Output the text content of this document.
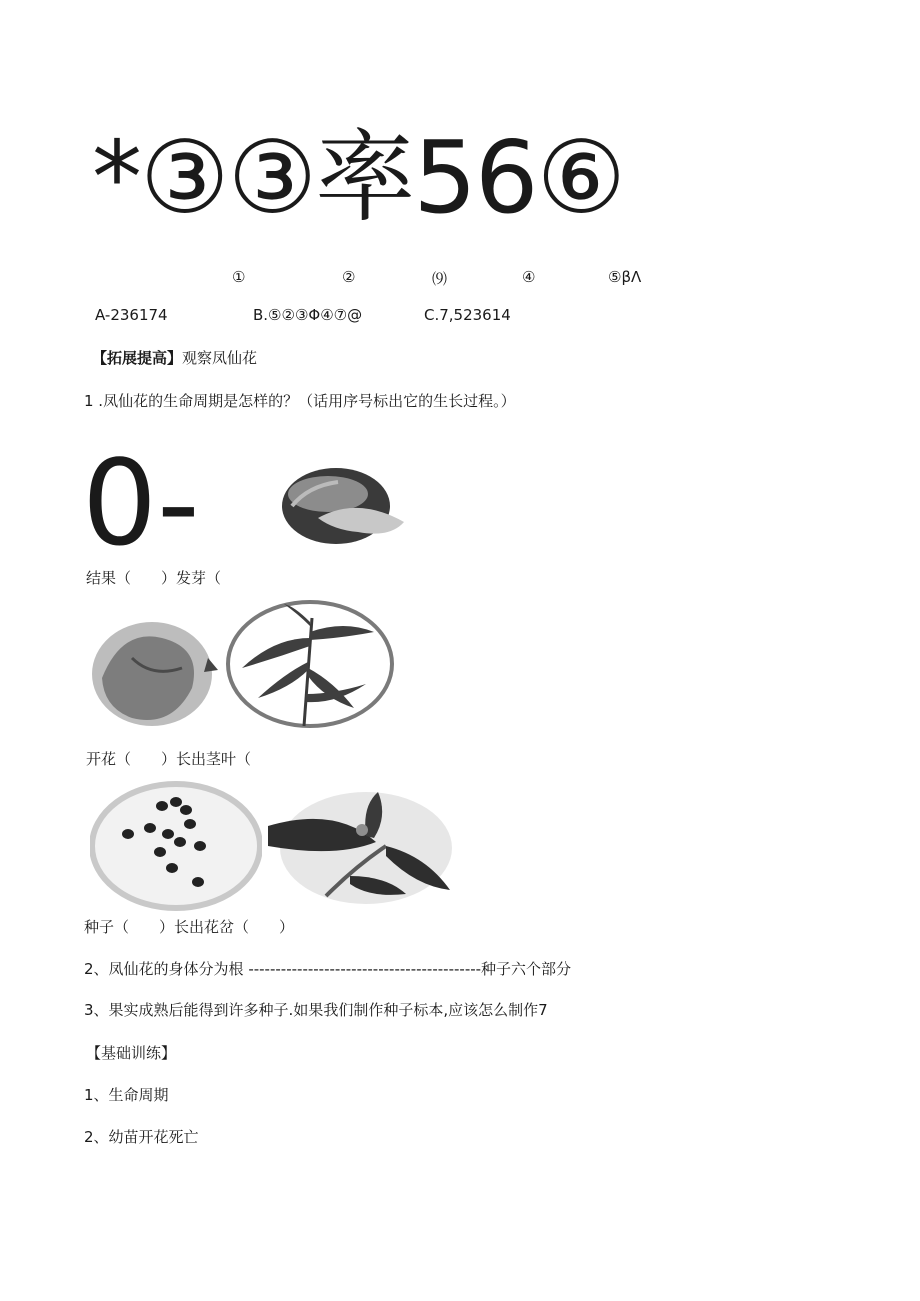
*③③率56⑥
①	②	⑼	④	⑤βΛ
A-236174	B.⑤②③Φ④⑦@	C.7,523614
【拓展提高】观察凤仙花
1 .凤仙花的生命周期是怎样的？（话用序号标出它的生长过程。）
0-
结果（　　）发芽（
开花（　　）长出茎叶（
种子（　　）长出花岔（　　）
2、凤仙花的身体分为根 -------------------------------------------种子六个部分
3、果实成熟后能得到许多种子.如果我们制作种子标本,应该怎么制作7
【基础训练】
1、生命周期
2、幼苗开花死亡
